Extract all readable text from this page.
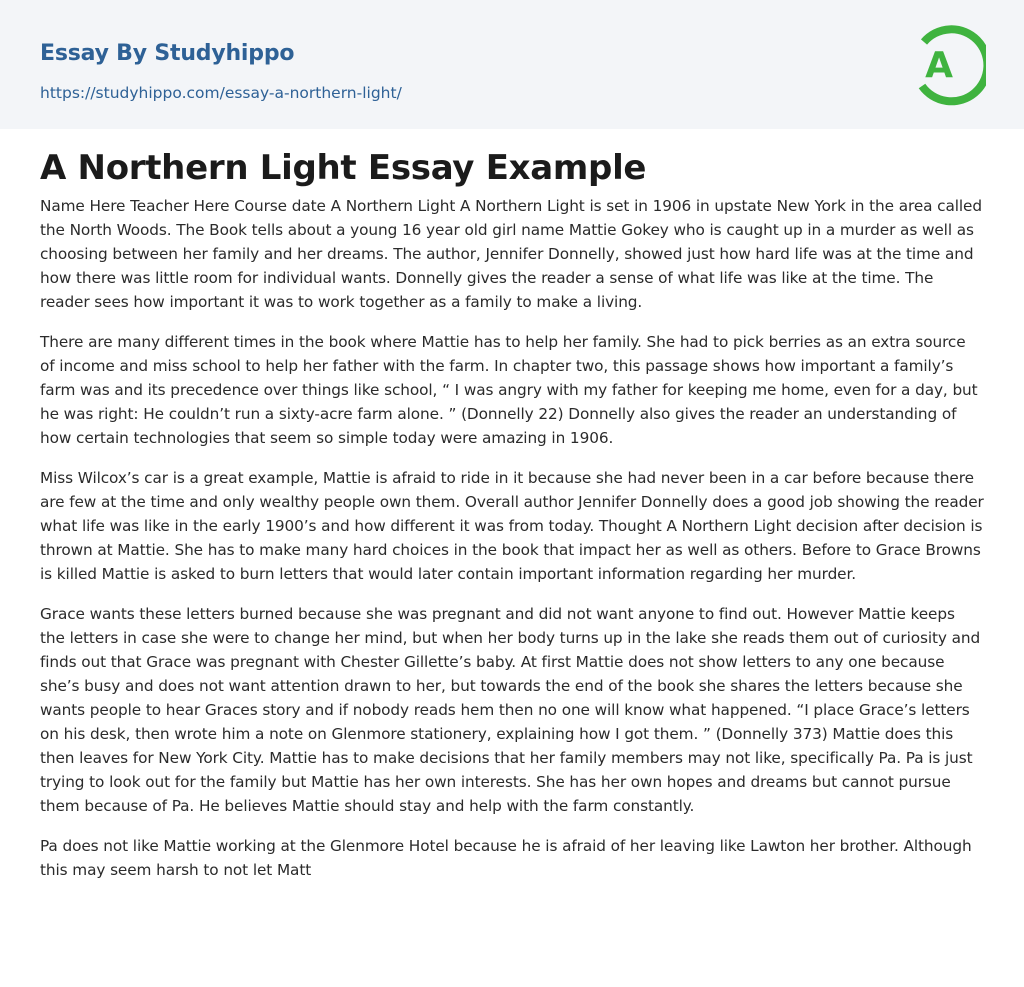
Essay By Studyhippo
https://studyhippo.com/essay-a-northern-light/
A
A Northern Light Essay Example

Name Here Teacher Here Course date A Northern Light A Northern Light is set in 1906 in upstate New York in the area called the North Woods. The Book tells about a young 16 year old girl name Mattie Gokey who is caught up in a murder as well as choosing between her family and her dreams. The author, Jennifer Donnelly, showed just how hard life was at the time and how there was little room for individual wants. Donnelly gives the reader a sense of what life was like at the time. The reader sees how important it was to work together as a family to make a living.

There are many different times in the book where Mattie has to help her family. She had to pick berries as an extra source of income and miss school to help her father with the farm. In chapter two, this passage shows how important a family’s farm was and its precedence over things like school, “ I was angry with my father for keeping me home, even for a day, but he was right: He couldn’t run a sixty-acre farm alone. ” (Donnelly 22) Donnelly also gives the reader an understanding of how certain technologies that seem so simple today were amazing in 1906.

Miss Wilcox’s car is a great example, Mattie is afraid to ride in it because she had never been in a car before because there are few at the time and only wealthy people own them. Overall author Jennifer Donnelly does a good job showing the reader what life was like in the early 1900’s and how different it was from today. Thought A Northern Light decision after decision is thrown at Mattie. She has to make many hard choices in the book that impact her as well as others. Before to Grace Browns is killed Mattie is asked to burn letters that would later contain important information regarding her murder.

Grace wants these letters burned because she was pregnant and did not want anyone to find out. However Mattie keeps the letters in case she were to change her mind, but when her body turns up in the lake she reads them out of curiosity and finds out that Grace was pregnant with Chester Gillette’s baby. At first Mattie does not show letters to any one because she’s busy and does not want attention drawn to her, but towards the end of the book she shares the letters because she wants people to hear Graces story and if nobody reads hem then no one will know what happened. “I place Grace’s letters on his desk, then wrote him a note on Glenmore stationery, explaining how I got them. ” (Donnelly 373) Mattie does this then leaves for New York City. Mattie has to make decisions that her family members may not like, specifically Pa. Pa is just trying to look out for the family but Mattie has her own interests. She has her own hopes and dreams but cannot pursue them because of Pa. He believes Mattie should stay and help with the farm constantly.

Pa does not like Mattie working at the Glenmore Hotel because he is afraid of her leaving like Lawton her brother. Although this may seem harsh to not let Matt
